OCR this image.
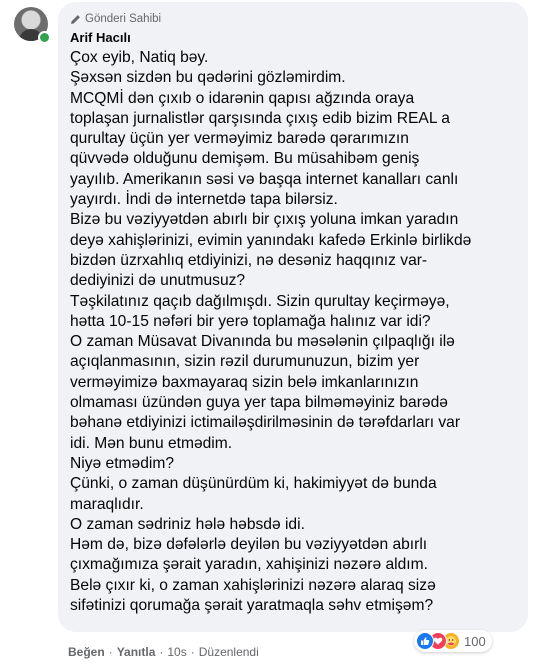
Gönderi Sahibi
Arif Hacılı
Çox eyib, Natiq bəy.
Şəxsən sizdən bu qədərini gözləmirdim.
MCQMİ dən çıxıb o idarənin qapısı ağzında oraya
toplaşan jurnalistlər qarşısında çıxış edib bizim REAL a
qurultay üçün yer verməyimiz barədə qərarımızın
qüvvədə olduğunu demişəm. Bu müsahibəm geniş
yayılıb. Amerikanın səsi və başqa internet kanalları canlı
yayırdı. İndi də internetdə tapa bilərsiz.
Bizə bu vəziyyətdən abırlı bir çıxış yoluna imkan yaradın
deyə xahişlərinizi, evimin yanındakı kafedə Erkinlə birlikdə
bizdən üzrxahlıq etdiyinizi, nə desəniz haqqınız var-
dediyinizi də unutmusuz?
Təşkilatınız qaçıb dağılmışdı. Sizin qurultay keçirməyə,
hətta 10-15 nəfəri bir yerə toplamağa halınız var idi?
O zaman Müsavat Divanında bu məsələnin çılpaqlığı ilə
açıqlanmasının, sizin rəzil durumunuzun, bizim yer
verməyimizə baxmayaraq sizin belə imkanlarınızın
olmaması üzündən guya yer tapa bilməməyiniz barədə
bəhanə etdiyinizi ictimailəşdirilməsinin də tərəfdarları var
idi. Mən bunu etmədim.
Niyə etmədim?
Çünki, o zaman düşünürdüm ki, hakimiyyət də bunda
maraqlıdır.
O zaman sədriniz hələ həbsdə idi.
Həm də, bizə dəfələrlə deyilən bu vəziyyətdən abırlı
çıxmağımıza şərait yaradın, xahişinizi nəzərə aldım.
Belə çıxır ki, o zaman xahişlərinizi nəzərə alaraq sizə
sifətinizi qorumağa şərait yaratmaqla səhv etmişəm?
100
Beğen · Yanıtla · 10s · Düzenlendi
